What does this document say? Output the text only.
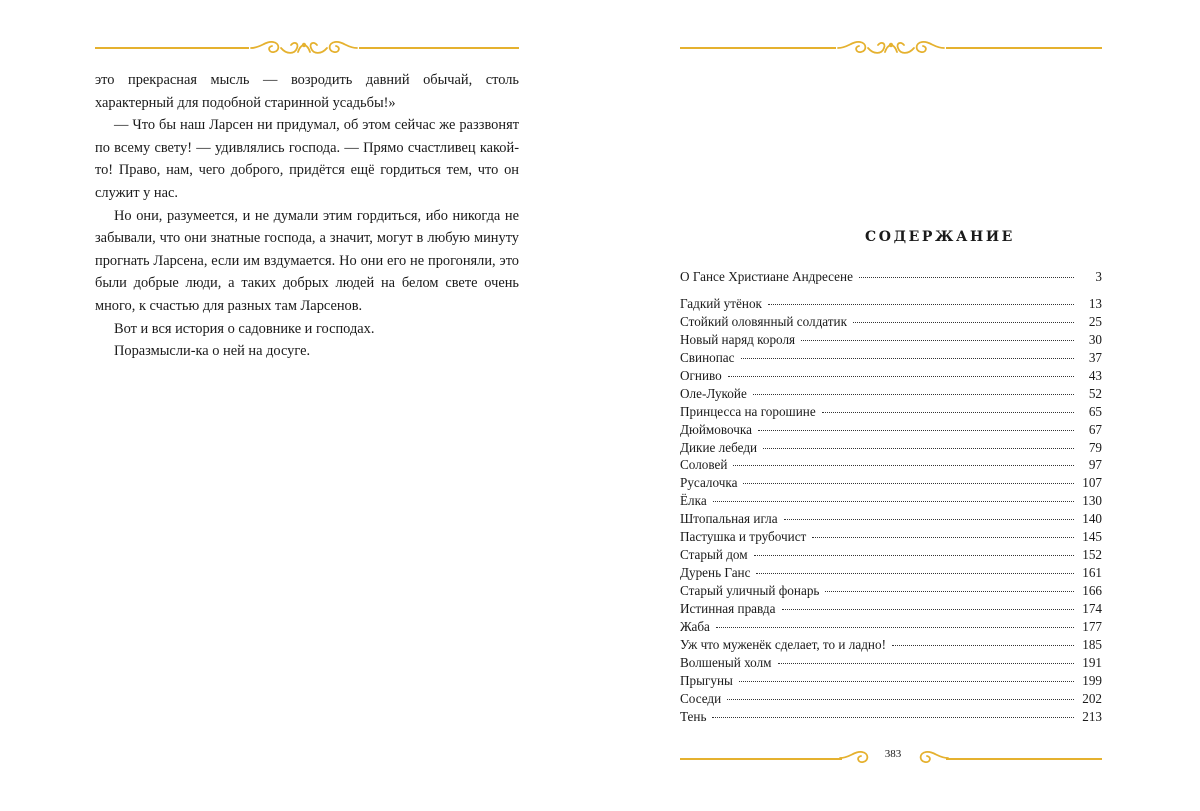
это прекрасная мысль — возродить давний обычай, столь характерный для подобной старинной усадьбы!»

— Что бы наш Ларсен ни придумал, об этом сейчас же раззвонят по всему свету! — удивлялись господа. — Прямо счастливец какой-то! Право, нам, чего доброго, придётся ещё гордиться тем, что он служит у нас.

Но они, разумеется, и не думали этим гордиться, ибо никогда не забывали, что они знатные господа, а значит, могут в любую минуту прогнать Ларсена, если им вздумается. Но они его не прогоняли, это были добрые люди, а таких добрых людей на белом свете очень много, к счастью для разных там Ларсенов.

Вот и вся история о садовнике и господах.

Поразмысли-ка о ней на досуге.

СОДЕРЖАНИЕ
О Гансе Христиане Андресене	3
Гадкий утёнок	13
Стойкий оловянный солдатик	25
Новый наряд короля	30
Свинопас	37
Огниво	43
Оле-Лукойе	52
Принцесса на горошине	65
Дюймовочка	67
Дикие лебеди	79
Соловей	97
Русалочка	107
Ёлка	130
Штопальная игла	140
Пастушка и трубочист	145
Старый дом	152
Дурень Ганс	161
Старый уличный фонарь	166
Истинная правда	174
Жаба	177
Уж что муженёк сделает, то и ладно!	185
Волшеный холм	191
Прыгуны	199
Соседи	202
Тень	213
383
